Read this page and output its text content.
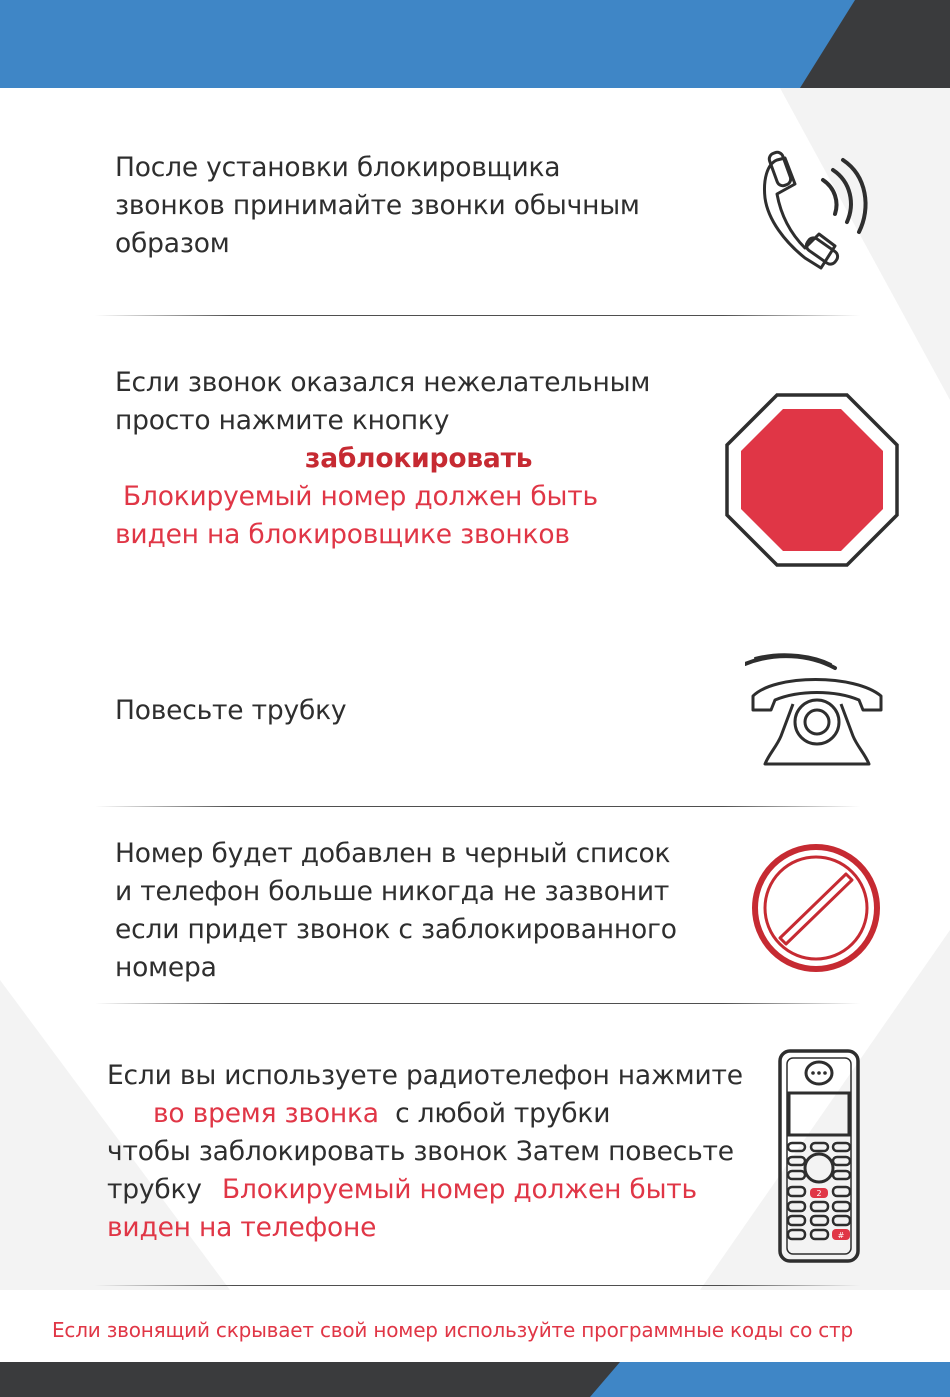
После установки блокировщика
звонков принимайте звонки обычным
образом
Если звонок оказался нежелательным
просто нажмите кнопку
заблокировать
Блокируемый номер должен быть
виден на блокировщике звонков
Повесьте трубку
Номер будет добавлен в черный список
и телефон больше никогда не зазвонит
если придет звонок с заблокированного
номера
Если вы используете радиотелефон нажмите
во время звонка с любой трубки
чтобы заблокировать звонок Затем повесьте
трубку Блокируемый номер должен быть
виден на телефоне
2
#
Если звонящий скрывает свой номер используйте программные коды со стр
